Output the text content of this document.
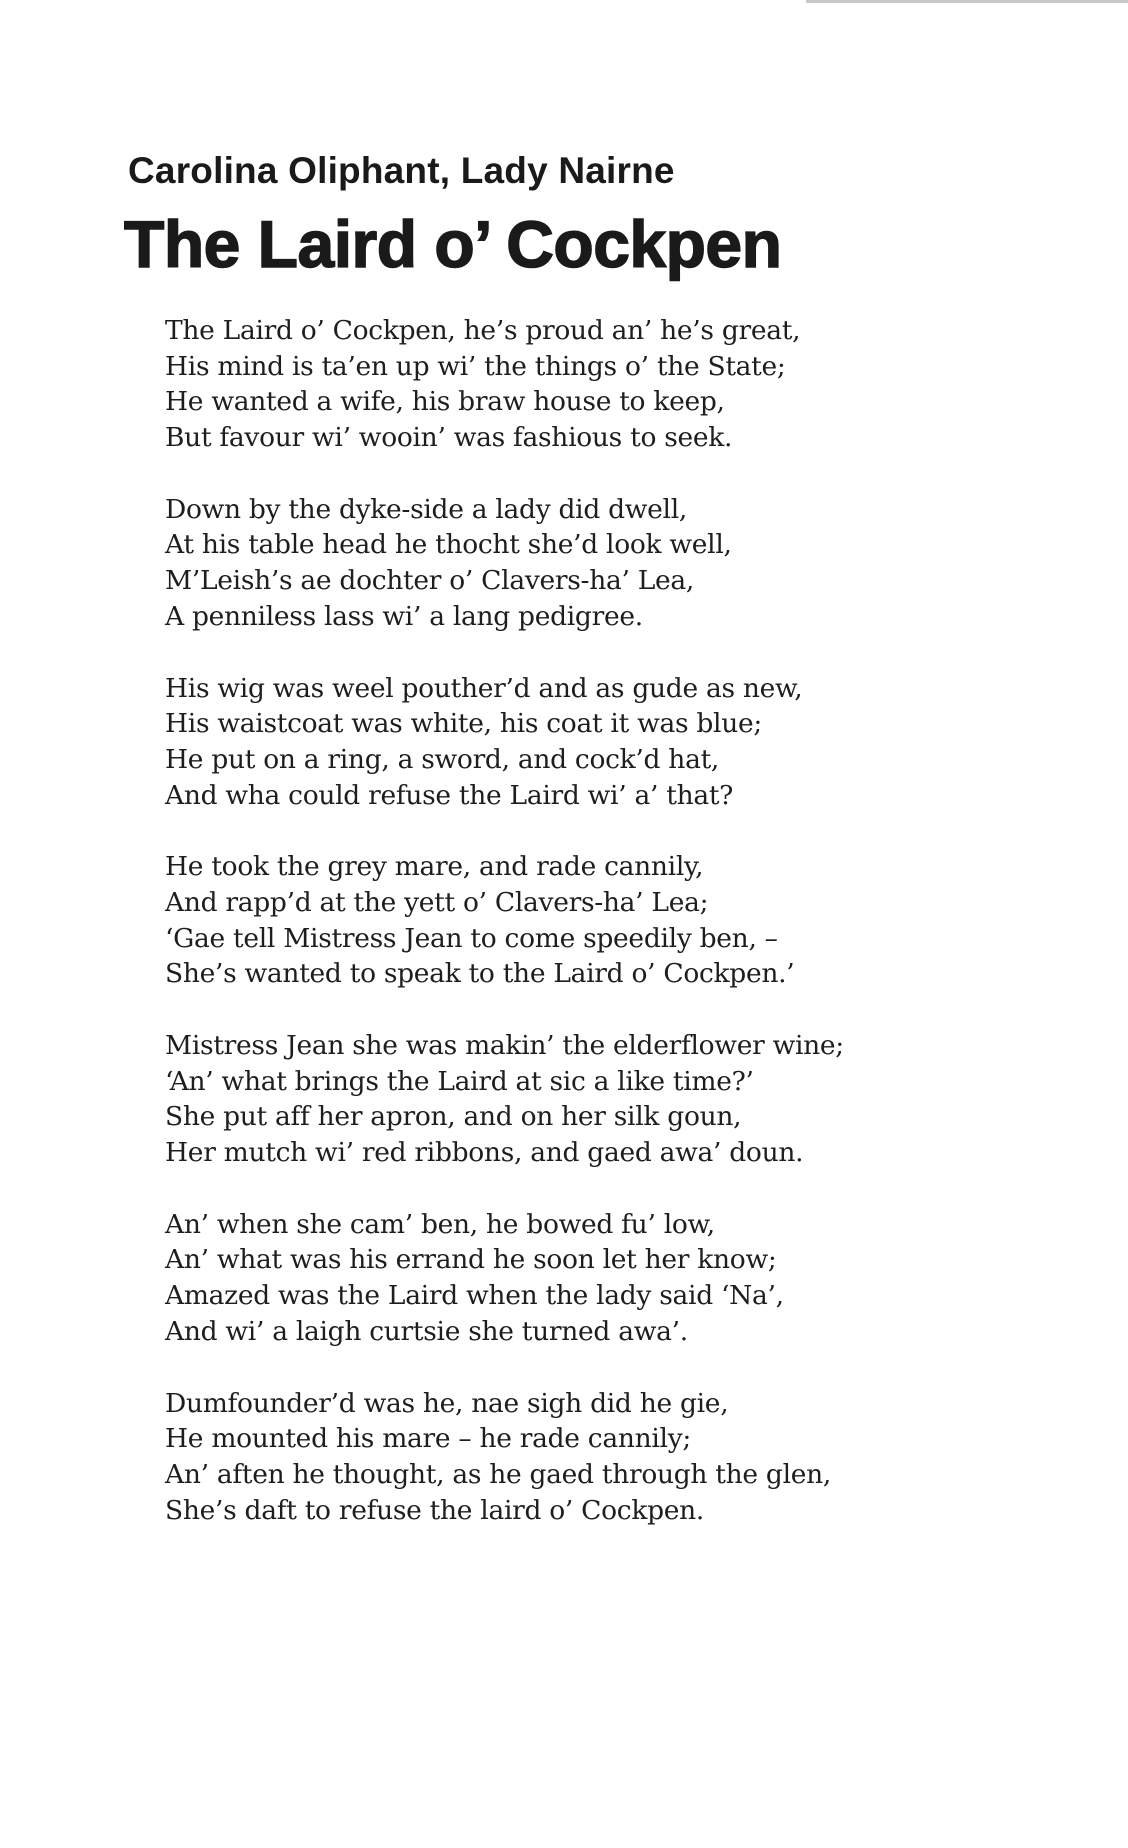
Carolina Oliphant, Lady Nairne
The Laird o’ Cockpen
The Laird o’ Cockpen, he’s proud an’ he’s great,
His mind is ta’en up wi’ the things o’ the State;
He wanted a wife, his braw house to keep,
But favour wi’ wooin’ was fashious to seek.
Down by the dyke-side a lady did dwell,
At his table head he thocht she’d look well,
M’Leish’s ae dochter o’ Clavers-ha’ Lea,
A penniless lass wi’ a lang pedigree.
His wig was weel pouther’d and as gude as new,
His waistcoat was white, his coat it was blue;
He put on a ring, a sword, and cock’d hat,
And wha could refuse the Laird wi’ a’ that?
He took the grey mare, and rade cannily,
And rapp’d at the yett o’ Clavers-ha’ Lea;
‘Gae tell Mistress Jean to come speedily ben, –
She’s wanted to speak to the Laird o’ Cockpen.’
Mistress Jean she was makin’ the elderflower wine;
‘An’ what brings the Laird at sic a like time?’
She put aff her apron, and on her silk goun,
Her mutch wi’ red ribbons, and gaed awa’ doun.
An’ when she cam’ ben, he bowed fu’ low,
An’ what was his errand he soon let her know;
Amazed was the Laird when the lady said ‘Na’,
And wi’ a laigh curtsie she turned awa’.
Dumfounder’d was he, nae sigh did he gie,
He mounted his mare – he rade cannily;
An’ aften he thought, as he gaed through the glen,
She’s daft to refuse the laird o’ Cockpen.
